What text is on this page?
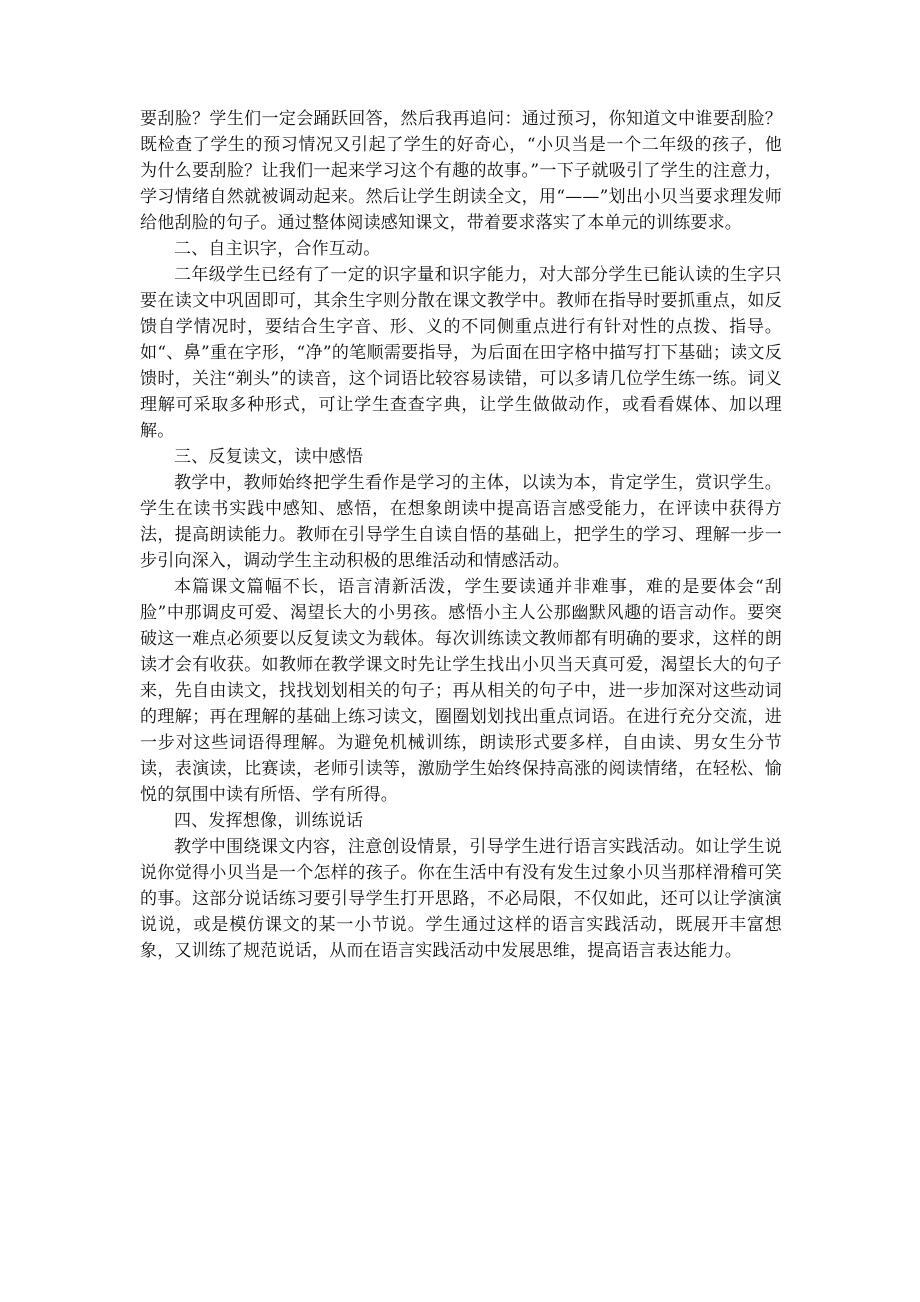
要刮脸？学生们一定会踊跃回答，然后我再追问：通过预习，你知道文中谁要刮脸？既检查了学生的预习情况又引起了学生的好奇心，“小贝当是一个二年级的孩子，他为什么要刮脸？让我们一起来学习这个有趣的故事。”一下子就吸引了学生的注意力，学习情绪自然就被调动起来。然后让学生朗读全文，用“——”划出小贝当要求理发师给他刮脸的句子。通过整体阅读感知课文，带着要求落实了本单元的训练要求。

二、自主识字，合作互动。

二年级学生已经有了一定的识字量和识字能力，对大部分学生已能认读的生字只要在读文中巩固即可，其余生字则分散在课文教学中。教师在指导时要抓重点，如反馈自学情况时，要结合生字音、形、义的不同侧重点进行有针对性的点拨、指导。如“、鼻”重在字形，“净”的笔顺需要指导，为后面在田字格中描写打下基础；读文反馈时，关注“剃头”的读音，这个词语比较容易读错，可以多请几位学生练一练。词义理解可采取多种形式，可让学生查查字典，让学生做做动作，或看看媒体、加以理解。

三、反复读文，读中感悟

教学中，教师始终把学生看作是学习的主体，以读为本，肯定学生，赏识学生。学生在读书实践中感知、感悟，在想象朗读中提高语言感受能力，在评读中获得方法，提高朗读能力。教师在引导学生自读自悟的基础上，把学生的学习、理解一步一步引向深入，调动学生主动积极的思维活动和情感活动。

本篇课文篇幅不长，语言清新活泼，学生要读通并非难事，难的是要体会“刮脸”中那调皮可爱、渴望长大的小男孩。感悟小主人公那幽默风趣的语言动作。要突破这一难点必须要以反复读文为载体。每次训练读文教师都有明确的要求，这样的朗读才会有收获。如教师在教学课文时先让学生找出小贝当天真可爱，渴望长大的句子来，先自由读文，找找划划相关的句子；再从相关的句子中，进一步加深对这些动词的理解；再在理解的基础上练习读文，圈圈划划找出重点词语。在进行充分交流，进一步对这些词语得理解。为避免机械训练，朗读形式要多样，自由读、男女生分节读，表演读，比赛读，老师引读等，激励学生始终保持高涨的阅读情绪，在轻松、愉悦的氛围中读有所悟、学有所得。

四、发挥想像，训练说话

教学中围绕课文内容，注意创设情景，引导学生进行语言实践活动。如让学生说说你觉得小贝当是一个怎样的孩子。你在生活中有没有发生过象小贝当那样滑稽可笑的事。这部分说话练习要引导学生打开思路，不必局限，不仅如此，还可以让学演演说说，或是模仿课文的某一小节说。学生通过这样的语言实践活动，既展开丰富想象，又训练了规范说话，从而在语言实践活动中发展思维，提高语言表达能力。
